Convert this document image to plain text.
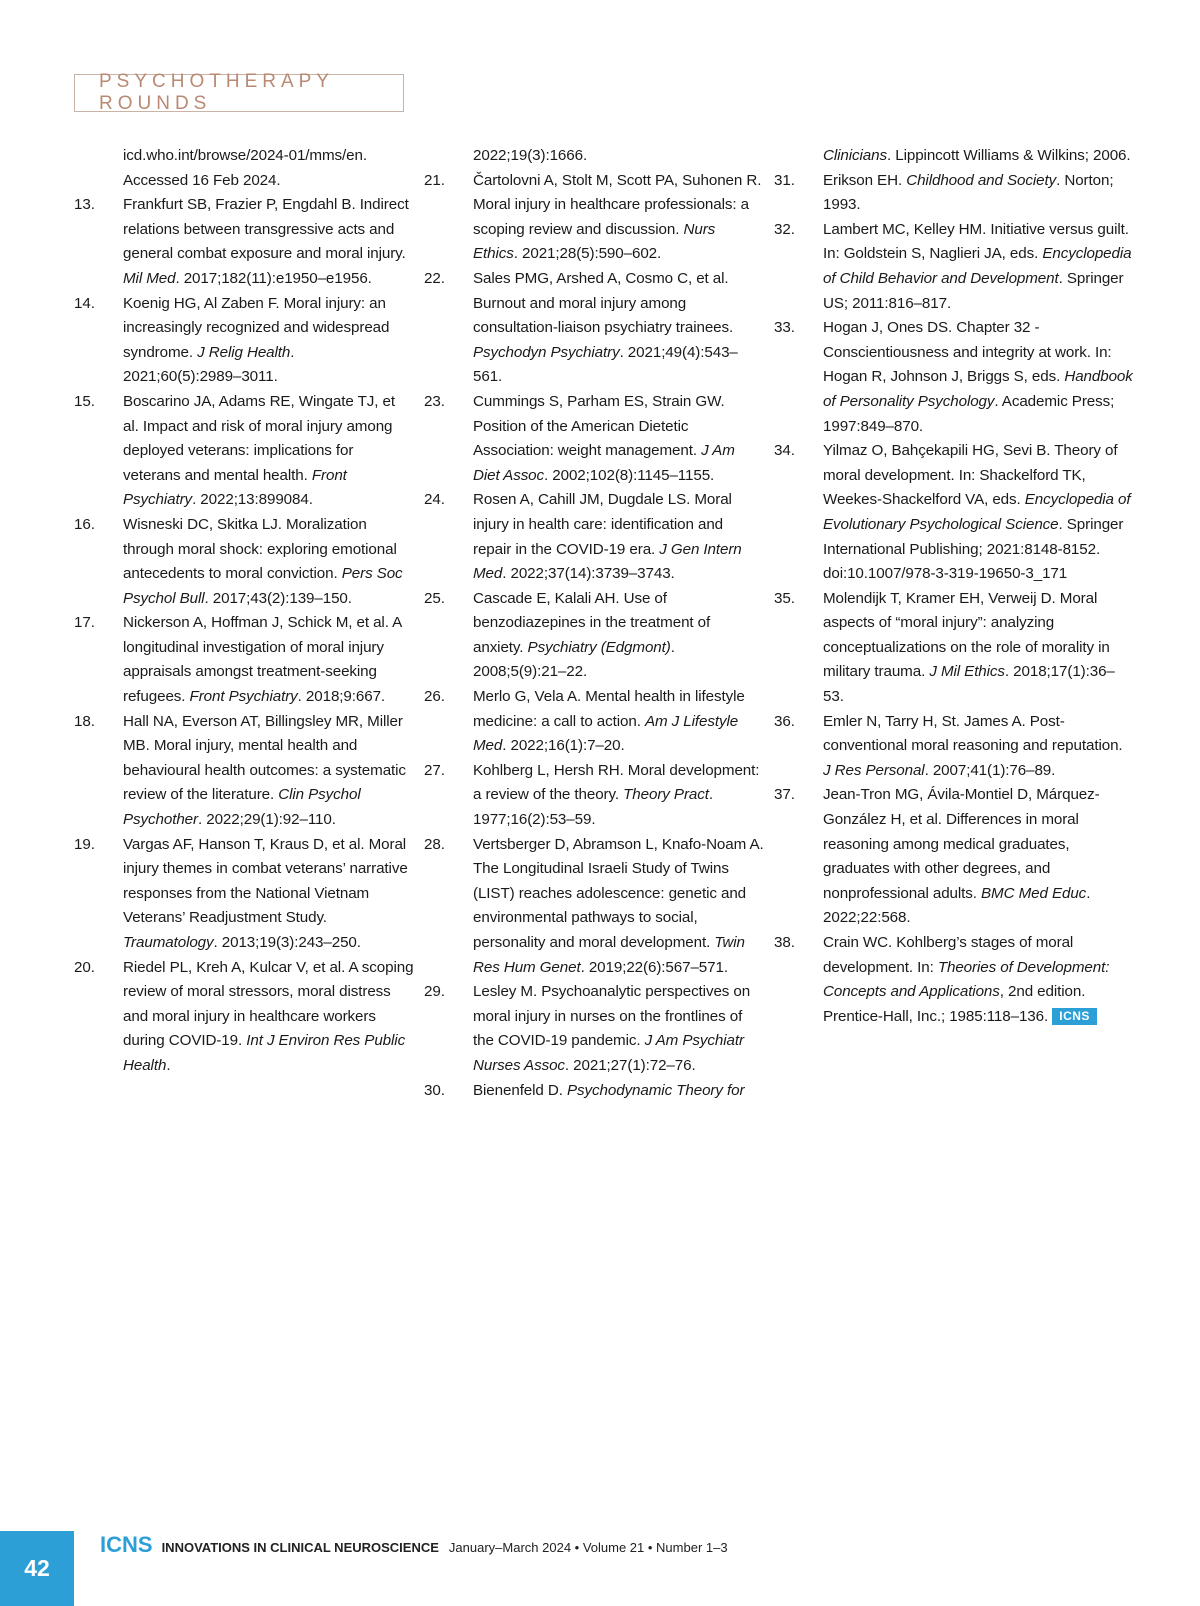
PSYCHOTHERAPY ROUNDS
icd.who.int/browse/2024-01/mms/en. Accessed 16 Feb 2024.
13.	Frankfurt SB, Frazier P, Engdahl B. Indirect relations between transgressive acts and general combat exposure and moral injury. Mil Med. 2017;182(11):e1950–e1956.
14.	Koenig HG, Al Zaben F. Moral injury: an increasingly recognized and widespread syndrome. J Relig Health. 2021;60(5):2989–3011.
15.	Boscarino JA, Adams RE, Wingate TJ, et al. Impact and risk of moral injury among deployed veterans: implications for veterans and mental health. Front Psychiatry. 2022;13:899084.
16.	Wisneski DC, Skitka LJ. Moralization through moral shock: exploring emotional antecedents to moral conviction. Pers Soc Psychol Bull. 2017;43(2):139–150.
17.	Nickerson A, Hoffman J, Schick M, et al. A longitudinal investigation of moral injury appraisals amongst treatment-seeking refugees. Front Psychiatry. 2018;9:667.
18.	Hall NA, Everson AT, Billingsley MR, Miller MB. Moral injury, mental health and behavioural health outcomes: a systematic review of the literature. Clin Psychol Psychother. 2022;29(1):92–110.
19.	Vargas AF, Hanson T, Kraus D, et al. Moral injury themes in combat veterans’ narrative responses from the National Vietnam Veterans’ Readjustment Study. Traumatology. 2013;19(3):243–250.
20.	Riedel PL, Kreh A, Kulcar V, et al. A scoping review of moral stressors, moral distress and moral injury in healthcare workers during COVID-19. Int J Environ Res Public Health.
2022;19(3):1666.
21.	Čartolovni A, Stolt M, Scott PA, Suhonen R. Moral injury in healthcare professionals: a scoping review and discussion. Nurs Ethics. 2021;28(5):590–602.
22.	Sales PMG, Arshed A, Cosmo C, et al. Burnout and moral injury among consultation-liaison psychiatry trainees. Psychodyn Psychiatry. 2021;49(4):543–561.
23.	Cummings S, Parham ES, Strain GW. Position of the American Dietetic Association: weight management. J Am Diet Assoc. 2002;102(8):1145–1155.
24.	Rosen A, Cahill JM, Dugdale LS. Moral injury in health care: identification and repair in the COVID-19 era. J Gen Intern Med. 2022;37(14):3739–3743.
25.	Cascade E, Kalali AH. Use of benzodiazepines in the treatment of anxiety. Psychiatry (Edgmont). 2008;5(9):21–22.
26.	Merlo G, Vela A. Mental health in lifestyle medicine: a call to action. Am J Lifestyle Med. 2022;16(1):7–20.
27.	Kohlberg L, Hersh RH. Moral development: a review of the theory. Theory Pract. 1977;16(2):53–59.
28.	Vertsberger D, Abramson L, Knafo-Noam A. The Longitudinal Israeli Study of Twins (LIST) reaches adolescence: genetic and environmental pathways to social, personality and moral development. Twin Res Hum Genet. 2019;22(6):567–571.
29.	Lesley M. Psychoanalytic perspectives on moral injury in nurses on the frontlines of the COVID-19 pandemic. J Am Psychiatr Nurses Assoc. 2021;27(1):72–76.
30.	Bienenfeld D. Psychodynamic Theory for
Clinicians. Lippincott Williams & Wilkins; 2006.
31.	Erikson EH. Childhood and Society. Norton; 1993.
32.	Lambert MC, Kelley HM. Initiative versus guilt. In: Goldstein S, Naglieri JA, eds. Encyclopedia of Child Behavior and Development. Springer US; 2011:816–817.
33.	Hogan J, Ones DS. Chapter 32 - Conscientiousness and integrity at work. In: Hogan R, Johnson J, Briggs S, eds. Handbook of Personality Psychology. Academic Press; 1997:849–870.
34.	Yilmaz O, Bahçekapili HG, Sevi B. Theory of moral development. In: Shackelford TK, Weekes-Shackelford VA, eds. Encyclopedia of Evolutionary Psychological Science. Springer International Publishing; 2021:8148-8152. doi:10.1007/978-3-319-19650-3_171
35.	Molendijk T, Kramer EH, Verweij D. Moral aspects of “moral injury”: analyzing conceptualizations on the role of morality in military trauma. J Mil Ethics. 2018;17(1):36–53.
36.	Emler N, Tarry H, St. James A. Post-conventional moral reasoning and reputation. J Res Personal. 2007;41(1):76–89.
37.	Jean-Tron MG, Ávila-Montiel D, Márquez-González H, et al. Differences in moral reasoning among medical graduates, graduates with other degrees, and nonprofessional adults. BMC Med Educ. 2022;22:568.
38.	Crain WC. Kohlberg’s stages of moral development. In: Theories of Development: Concepts and Applications, 2nd edition. Prentice-Hall, Inc.; 1985:118–136. ICNS
42
ICNS INNOVATIONS IN CLINICAL NEUROSCIENCE January–March 2024 • Volume 21 • Number 1–3
